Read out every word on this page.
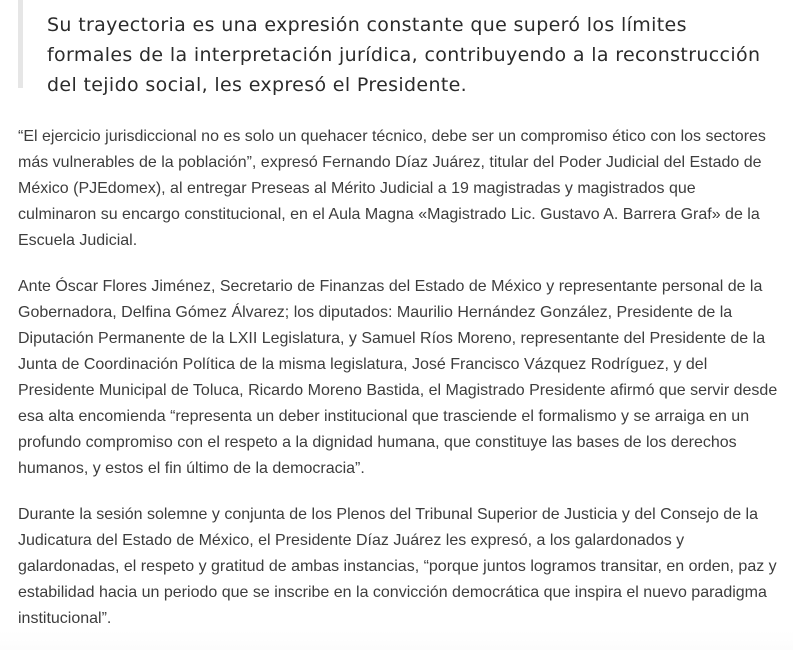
Su trayectoria es una expresión constante que superó los límites formales de la interpretación jurídica, contribuyendo a la reconstrucción del tejido social, les expresó el Presidente.

“El ejercicio jurisdiccional no es solo un quehacer técnico, debe ser un compromiso ético con los sectores más vulnerables de la población”, expresó Fernando Díaz Juárez, titular del Poder Judicial del Estado de México (PJEdomex), al entregar Preseas al Mérito Judicial a 19 magistradas y magistrados que culminaron su encargo constitucional, en el Aula Magna «Magistrado Lic. Gustavo A. Barrera Graf» de la Escuela Judicial.

Ante Óscar Flores Jiménez, Secretario de Finanzas del Estado de México y representante personal de la Gobernadora, Delfina Gómez Álvarez; los diputados: Maurilio Hernández González, Presidente de la Diputación Permanente de la LXII Legislatura, y Samuel Ríos Moreno, representante del Presidente de la Junta de Coordinación Política de la misma legislatura, José Francisco Vázquez Rodríguez, y del Presidente Municipal de Toluca, Ricardo Moreno Bastida, el Magistrado Presidente afirmó que servir desde esa alta encomienda “representa un deber institucional que trasciende el formalismo y se arraiga en un profundo compromiso con el respeto a la dignidad humana, que constituye las bases de los derechos humanos, y estos el fin último de la democracia”.

Durante la sesión solemne y conjunta de los Plenos del Tribunal Superior de Justicia y del Consejo de la Judicatura del Estado de México, el Presidente Díaz Juárez les expresó, a los galardonados y galardonadas, el respeto y gratitud de ambas instancias, “porque juntos logramos transitar, en orden, paz y estabilidad hacia un periodo que se inscribe en la convicción democrática que inspira el nuevo paradigma institucional”.
